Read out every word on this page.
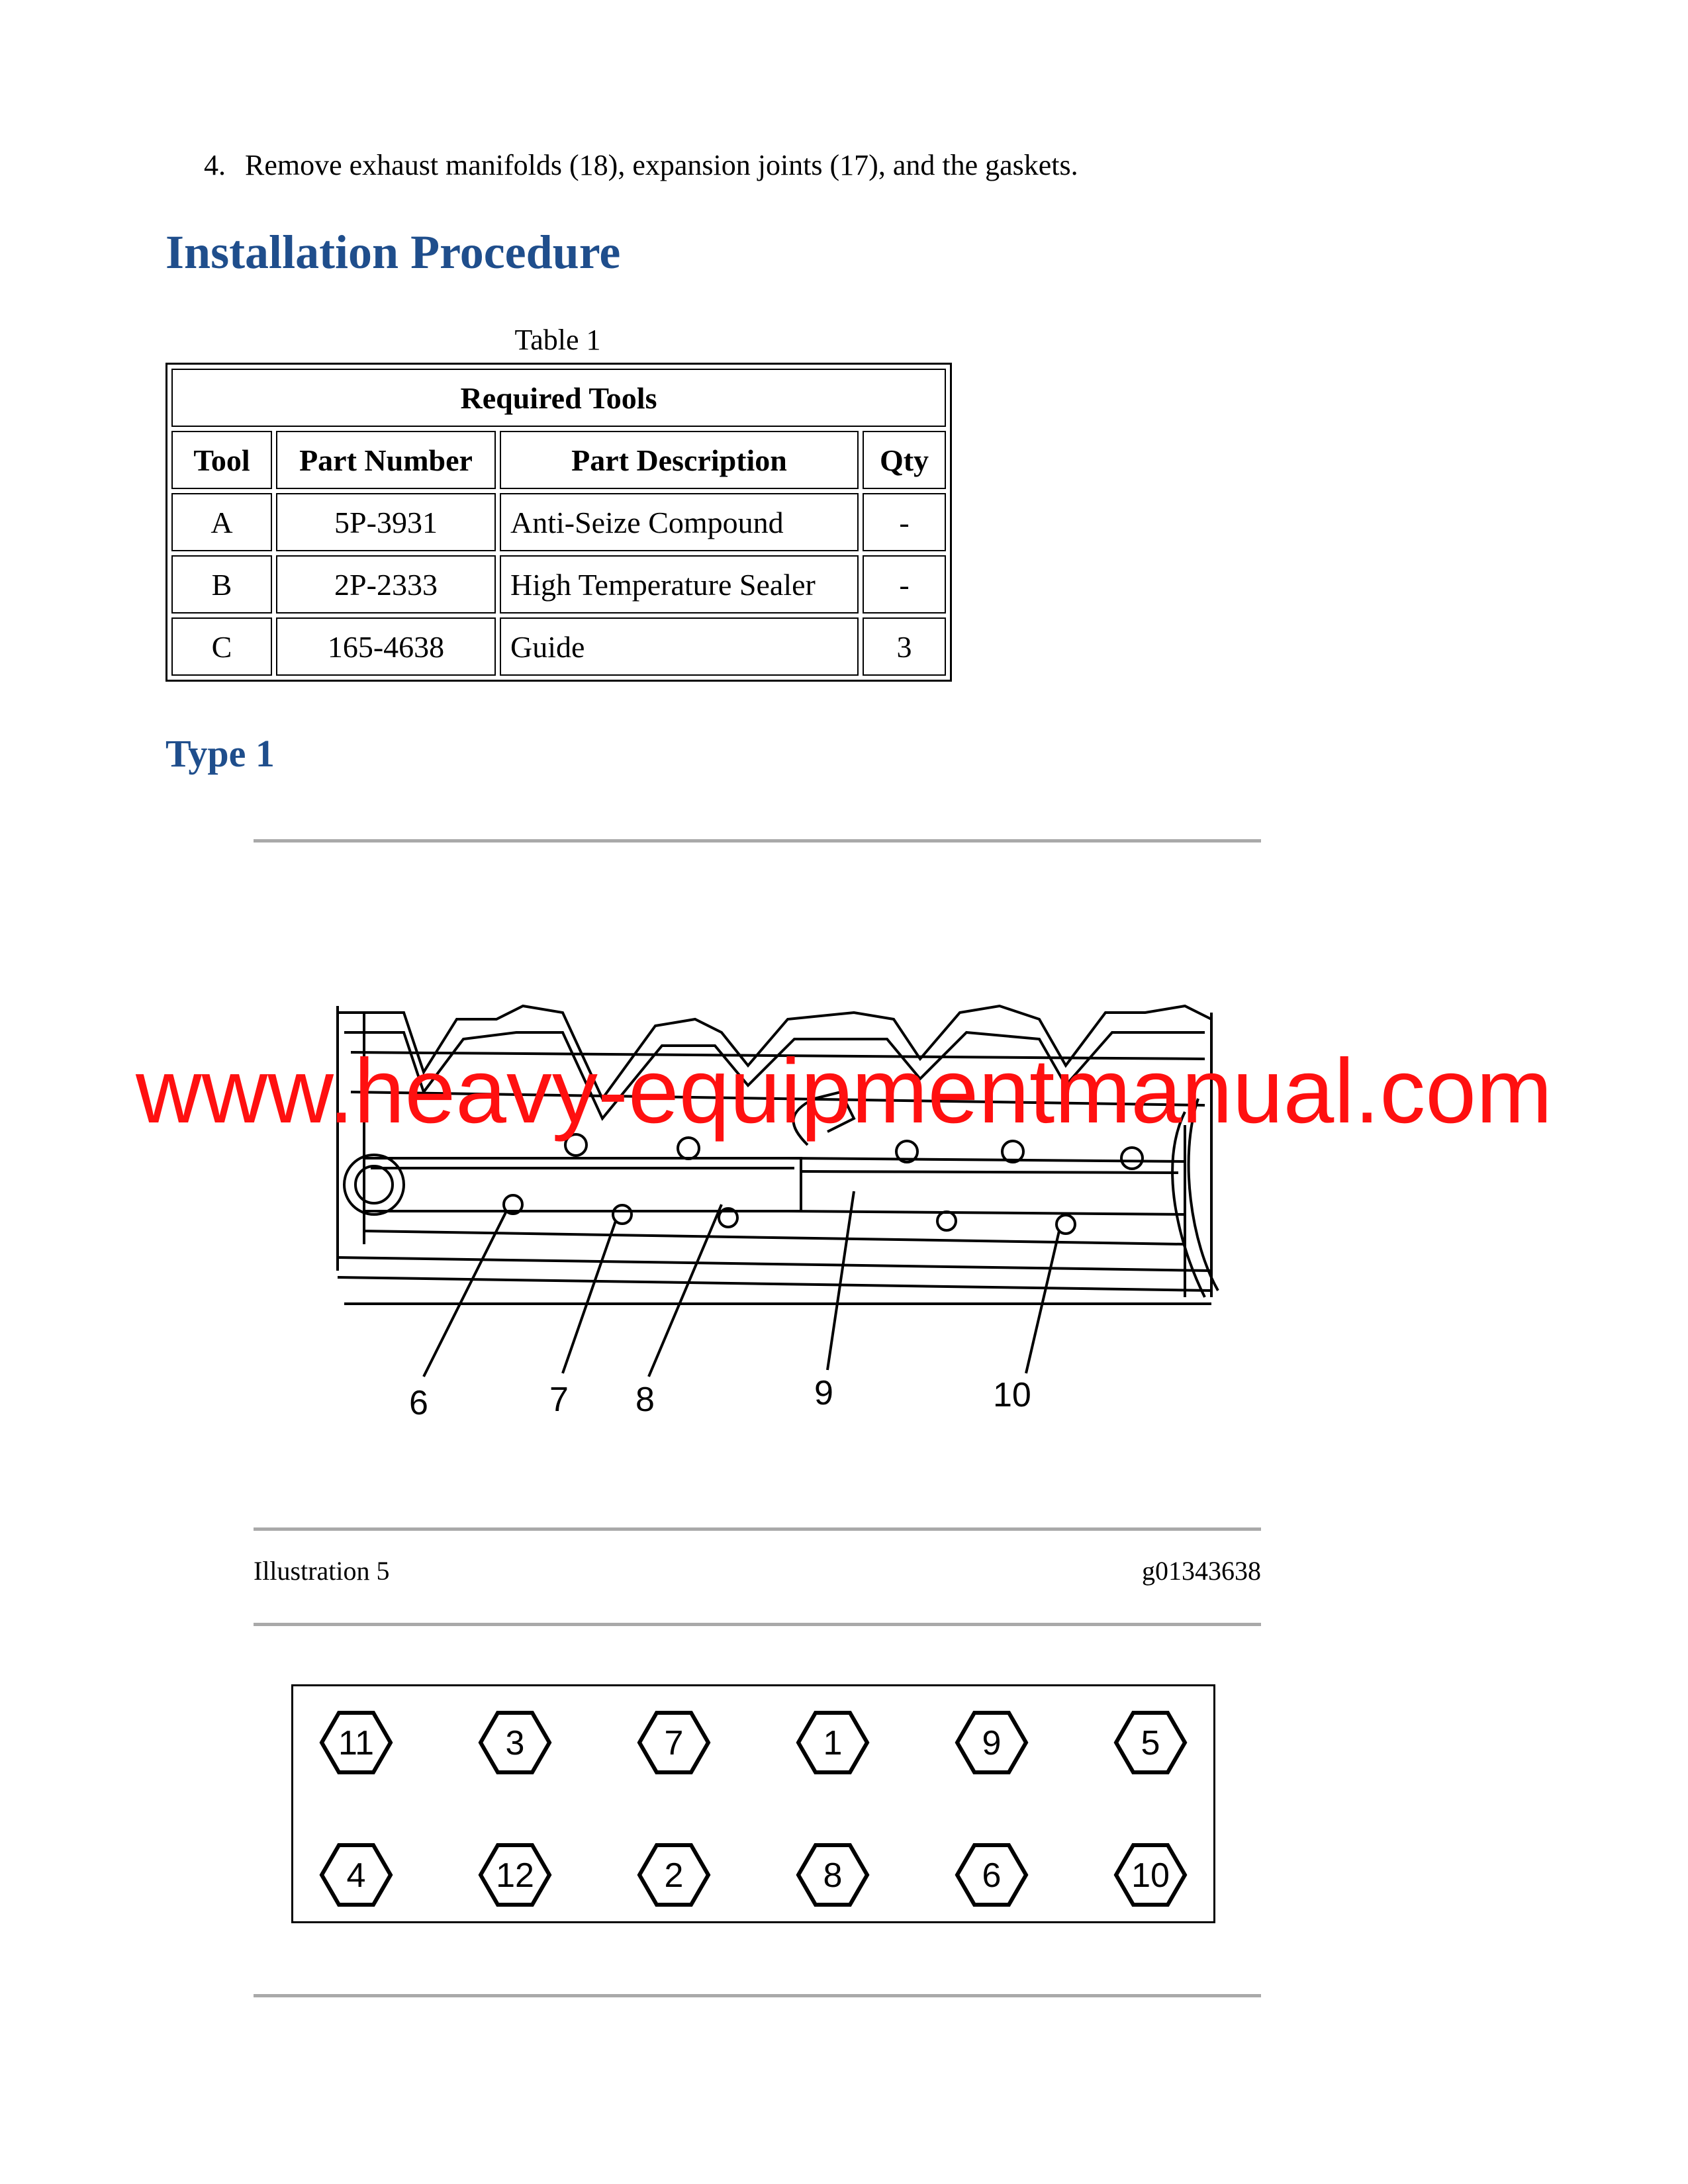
4. Remove exhaust manifolds (18), expansion joints (17), and the gaskets.
Installation Procedure
Table 1
Required Tools			
Tool	Part Number	Part Description	Qty
A	5P-3931	Anti-Seize Compound	-
B	2P-2333	High Temperature Sealer	-
C	165-4638	Guide	3
Type 1
6	7 8	9	10
www.heavy-equipmentmanual.com
Illustration 5	g01343638
11	3	7	1	9	5
4	12	2	8	6	10
